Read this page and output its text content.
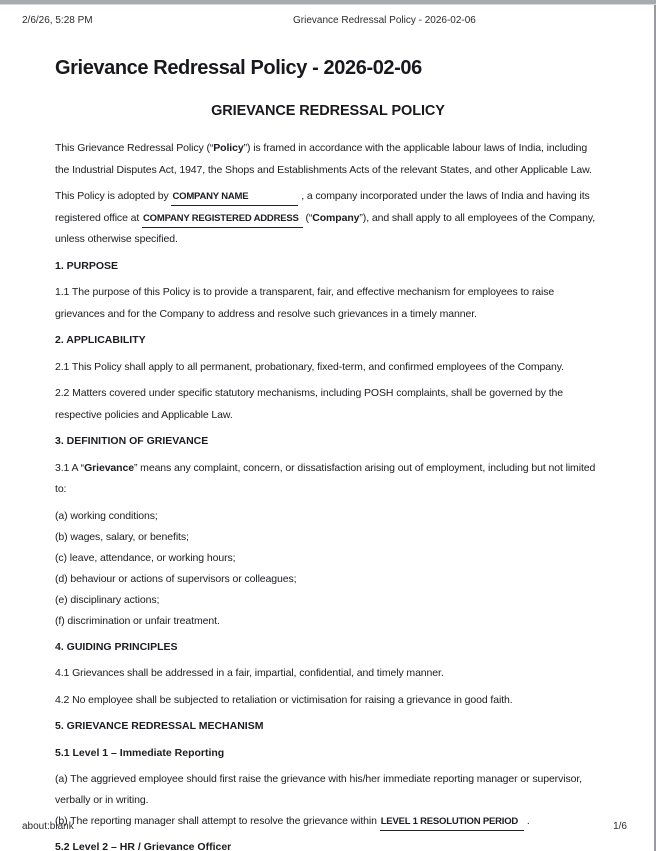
2/6/26, 5:28 PM	Grievance Redressal Policy - 2026-02-06
Grievance Redressal Policy - 2026-02-06
GRIEVANCE REDRESSAL POLICY
This Grievance Redressal Policy (“Policy”) is framed in accordance with the applicable labour laws of India, including the Industrial Disputes Act, 1947, the Shops and Establishments Acts of the relevant States, and other Applicable Law.
This Policy is adopted by COMPANY NAME	, a company incorporated under the laws of India and having its registered office at COMPANY REGISTERED ADDRESS (“Company”), and shall apply to all employees of the Company, unless otherwise specified.
1. PURPOSE
1.1 The purpose of this Policy is to provide a transparent, fair, and effective mechanism for employees to raise grievances and for the Company to address and resolve such grievances in a timely manner.
2. APPLICABILITY
2.1 This Policy shall apply to all permanent, probationary, fixed-term, and confirmed employees of the Company.
2.2 Matters covered under specific statutory mechanisms, including POSH complaints, shall be governed by the respective policies and Applicable Law.
3. DEFINITION OF GRIEVANCE
3.1 A “Grievance” means any complaint, concern, or dissatisfaction arising out of employment, including but not limited to:
(a) working conditions;
(b) wages, salary, or benefits;
(c) leave, attendance, or working hours;
(d) behaviour or actions of supervisors or colleagues;
(e) disciplinary actions;
(f) discrimination or unfair treatment.
4. GUIDING PRINCIPLES
4.1 Grievances shall be addressed in a fair, impartial, confidential, and timely manner.
4.2 No employee shall be subjected to retaliation or victimisation for raising a grievance in good faith.
5. GRIEVANCE REDRESSAL MECHANISM
5.1 Level 1 – Immediate Reporting
(a) The aggrieved employee should first raise the grievance with his/her immediate reporting manager or supervisor, verbally or in writing.
(b) The reporting manager shall attempt to resolve the grievance within LEVEL 1 RESOLUTION PERIOD .
5.2 Level 2 – HR / Grievance Officer
about:blank	1/6
